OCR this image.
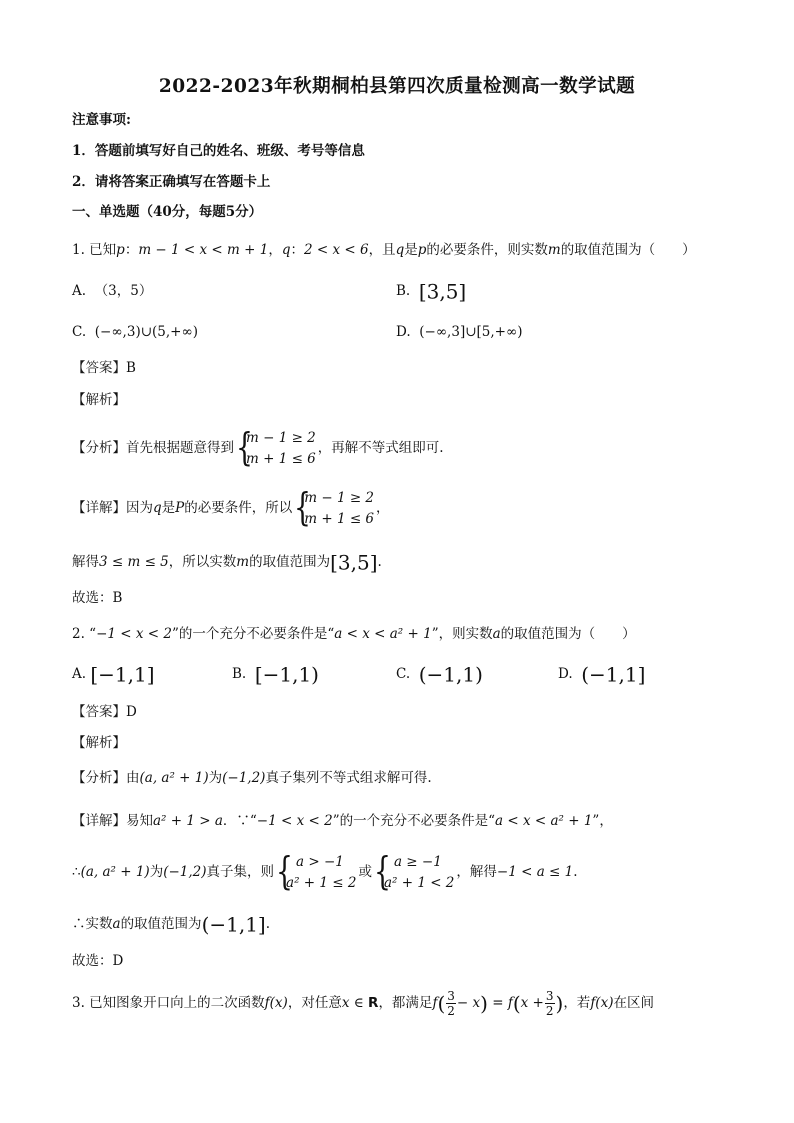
2022-2023年秋期桐柏县第四次质量检测高一数学试题
注意事项:
1．答题前填写好自己的姓名、班级、考号等信息
2．请将答案正确填写在答题卡上
一、单选题（40分，每题5分）
1. 已知p：m − 1 < x < m + 1，q：2 < x < 6，且q是p的必要条件，则实数m的取值范围为（　　）
A. （3，5）	B. [3,5]
C. (−∞,3)∪(5,+∞)	D. (−∞,3]∪[5,+∞)
【答案】B
【解析】
【分析】首先根据题意得到 {
m − 1 ≥ 2
m + 1 ≤ 6
，再解不等式组即可.
【详解】因为q是P的必要条件，所以 {
m − 1 ≥ 2
m + 1 ≤ 6
，
解得3 ≤ m ≤ 5，所以实数m的取值范围为[3,5].
故选：B
2. “−1 < x < 2”的一个充分不必要条件是“a < x < a² + 1”，则实数a的取值范围为（　　）
A. [−1,1]	B. [−1,1)	C. (−1,1)	D. (−1,1]
【答案】D
【解析】
【分析】由(a, a² + 1)为(−1,2)真子集列不等式组求解可得.
【详解】易知a² + 1 > a．∵“−1 < x < 2”的一个充分不必要条件是“a < x < a² + 1”，
∴(a, a² + 1)为(−1,2)真子集，则 { a > −1
a² + 1 ≤ 2
或 { a ≥ −1
a² + 1 < 2
，解得−1 < a ≤ 1.
∴实数a的取值范围为(−1,1].
故选：D
3. 已知图象开口向上的二次函数f(x)，对任意x ∈ R，都满足$f( \frac{3}{2} - x) = f(x + \frac{3}{2}$ )，若f(x)在区间
